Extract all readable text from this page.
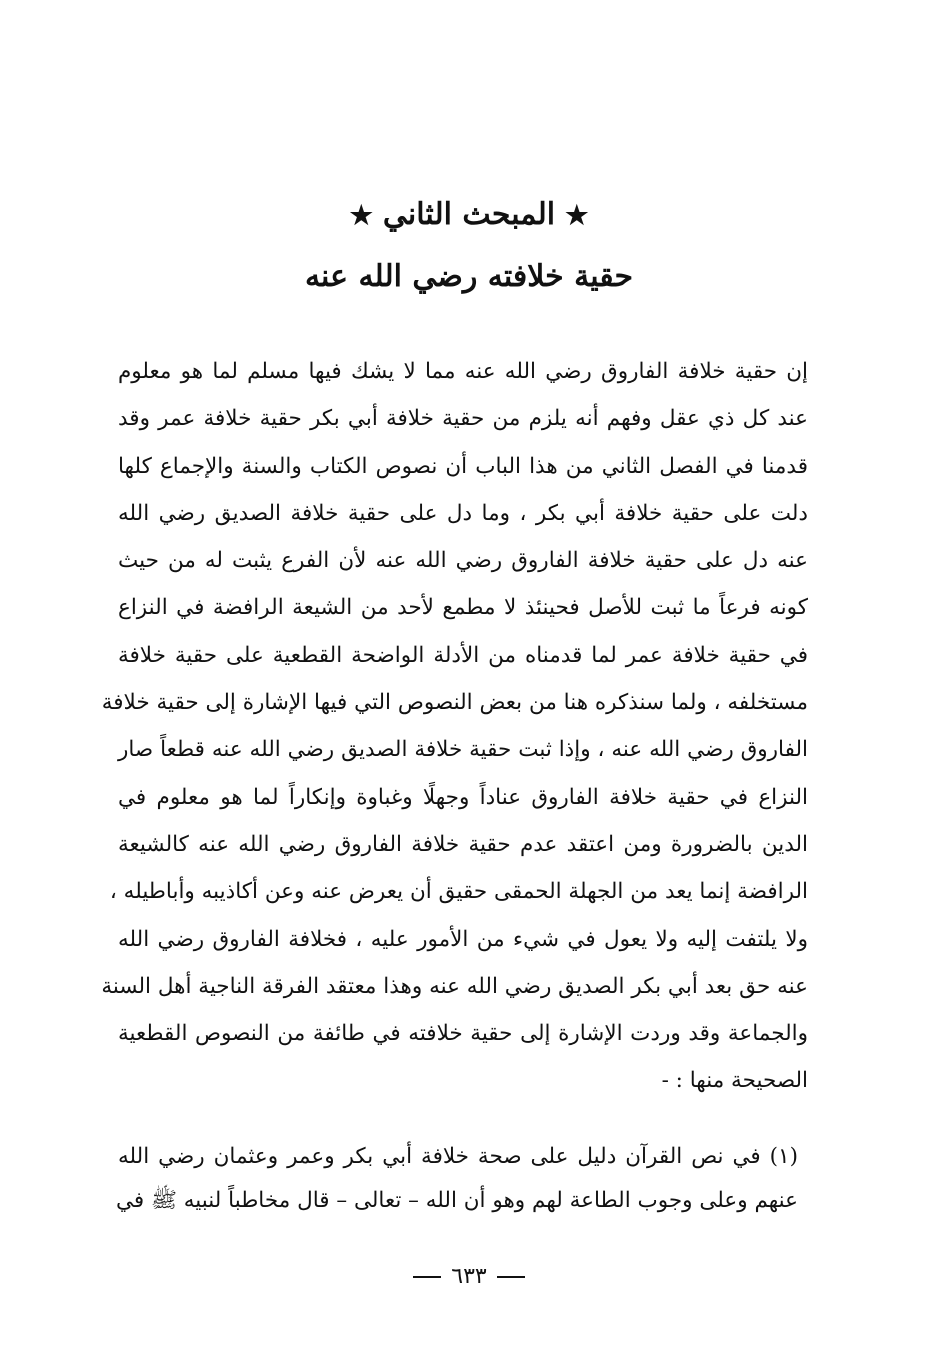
★المبحث الثاني★
حقية خلافته رضي الله عنه
إن حقية خلافة الفاروق رضي الله عنه مما لا يشك فيها مسلم لما هو معلوم
عند كل ذي عقل وفهم أنه يلزم من حقية خلافة أبي بكر حقية خلافة عمر وقد
قدمنا في الفصل الثاني من هذا الباب أن نصوص الكتاب والسنة والإجماع كلها
دلت على حقية خلافة أبي بكر ، وما دل على حقية خلافة الصديق رضي الله
عنه دل على حقية خلافة الفاروق رضي الله عنه لأن الفرع يثبت له من حيث
كونه فرعاً ما ثبت للأصل فحينئذ لا مطمع لأحد من الشيعة الرافضة في النزاع
في حقية خلافة عمر لما قدمناه من الأدلة الواضحة القطعية على حقية خلافة
مستخلفه ، ولما سنذكره هنا من بعض النصوص التي فيها الإشارة إلى حقية خلافة
الفاروق رضي الله عنه ، وإذا ثبت حقية خلافة الصديق رضي الله عنه قطعاً صار
النزاع في حقية خلافة الفاروق عناداً وجهلًا وغباوة وإنكاراً لما هو معلوم في
الدين بالضرورة ومن اعتقد عدم حقية خلافة الفاروق رضي الله عنه كالشيعة
الرافضة إنما يعد من الجهلة الحمقى حقيق أن يعرض عنه وعن أكاذيبه وأباطيله ،
ولا يلتفت إليه ولا يعول في شيء من الأمور عليه ، فخلافة الفاروق رضي الله
عنه حق بعد أبي بكر الصديق رضي الله عنه وهذا معتقد الفرقة الناجية أهل السنة
والجماعة وقد وردت الإشارة إلى حقية خلافته في طائفة من النصوص القطعية
الصحيحة منها : -
(١) في نص القرآن دليل على صحة خلافة أبي بكر وعمر وعثمان رضي الله
عنهم وعلى وجوب الطاعة لهم وهو أن الله – تعالى – قال مخاطباً لنبيه ﷺ في
٦٣٣
